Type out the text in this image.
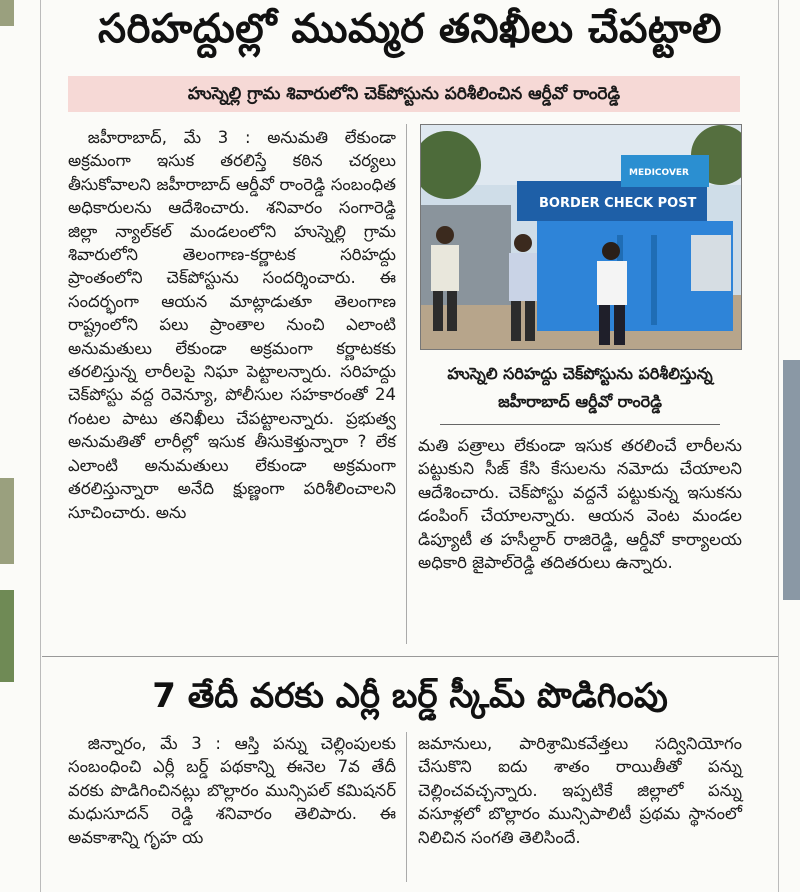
సరిహద్దుల్లో ముమ్మర తనిఖీలు చేపట్టాలి
హుస్నెల్లి గ్రామ శివారులోని చెక్‌పోస్టును పరిశీలించిన ఆర్డీవో రాంరెడ్డి

జహీరాబాద్, మే 3 : అనుమతి లేకుండా అక్రమంగా ఇసుక తరలిస్తే కఠిన చర్యలు తీసుకోవాలని జహీరాబాద్ ఆర్డీవో రాంరెడ్డి సంబంధిత అధికారులను ఆదేశించారు. శనివారం సంగారెడ్డి జిల్లా న్యాల్‌కల్ మండలంలోని హుస్నెల్లి గ్రామ శివారులోని తెలంగాణ-కర్ణాటక సరిహద్దు ప్రాంతంలోని చెక్‌పోస్టును సందర్శించారు. ఈ సందర్భంగా ఆయన మాట్లాడుతూ తెలంగాణ రాష్ట్రంలోని పలు ప్రాంతాల నుంచి ఎలాంటి అనుమతులు లేకుండా అక్రమంగా కర్ణాటకకు తరలిస్తున్న లారీలపై నిఘా పెట్టాలన్నారు. సరిహద్దు చెక్‌పోస్టు వద్ద రెవెన్యూ, పోలీసుల సహకారంతో 24 గంటల పాటు తనిఖీలు చేపట్టాలన్నారు. ప్రభుత్వ అనుమతితో లారీల్లో ఇసుక తీసుకెళ్తున్నారా ? లేక ఎలాంటి అనుమతులు లేకుండా అక్రమంగా తరలిస్తున్నారా అనేది క్షుణ్ణంగా పరిశీలించాలని సూచించారు. అను

BORDER CHECK POST
MEDICOVER
హుస్నెలి సరిహద్దు చెక్‌పోస్టును పరిశీలిస్తున్న
జహీరాబాద్ ఆర్డీవో రాంరెడ్డి

మతి పత్రాలు లేకుండా ఇసుక తరలించే లారీలను పట్టుకుని సీజ్ కేసి కేసులను నమోదు చేయాలని ఆదేశించారు. చెక్‌పోస్టు వద్దనే పట్టుకున్న ఇసుకను డంపింగ్ చేయాలన్నారు. ఆయన వెంట మండల డిప్యూటీ త హసీల్దార్ రాజిరెడ్డి, ఆర్డీవో కార్యాలయ అధికారి జైపాల్‌రెడ్డి తదితరులు ఉన్నారు.

7 తేదీ వరకు ఎర్లీ బర్డ్ స్కీమ్ పొడిగింపు

జిన్నారం, మే 3 : ఆస్తి పన్ను చెల్లింపులకు సంబంధించి ఎర్లీ బర్డ్ పథకాన్ని ఈనెల 7వ తేదీ వరకు పొడిగించినట్లు బొల్లారం మున్సిపల్ కమిషనర్ మధుసూదన్ రెడ్డి శనివారం తెలిపారు. ఈ అవకాశాన్ని గృహ య

జమానులు, పారిశ్రామికవేత్తలు సద్వినియోగం చేసుకొని ఐదు శాతం రాయితీతో పన్ను చెల్లించవచ్చన్నారు. ఇప్పటికే జిల్లాలో పన్ను వసూళ్లలో బొల్లారం మున్సిపాలిటీ ప్రథమ స్థానంలో నిలిచిన సంగతి తెలిసిందే.
